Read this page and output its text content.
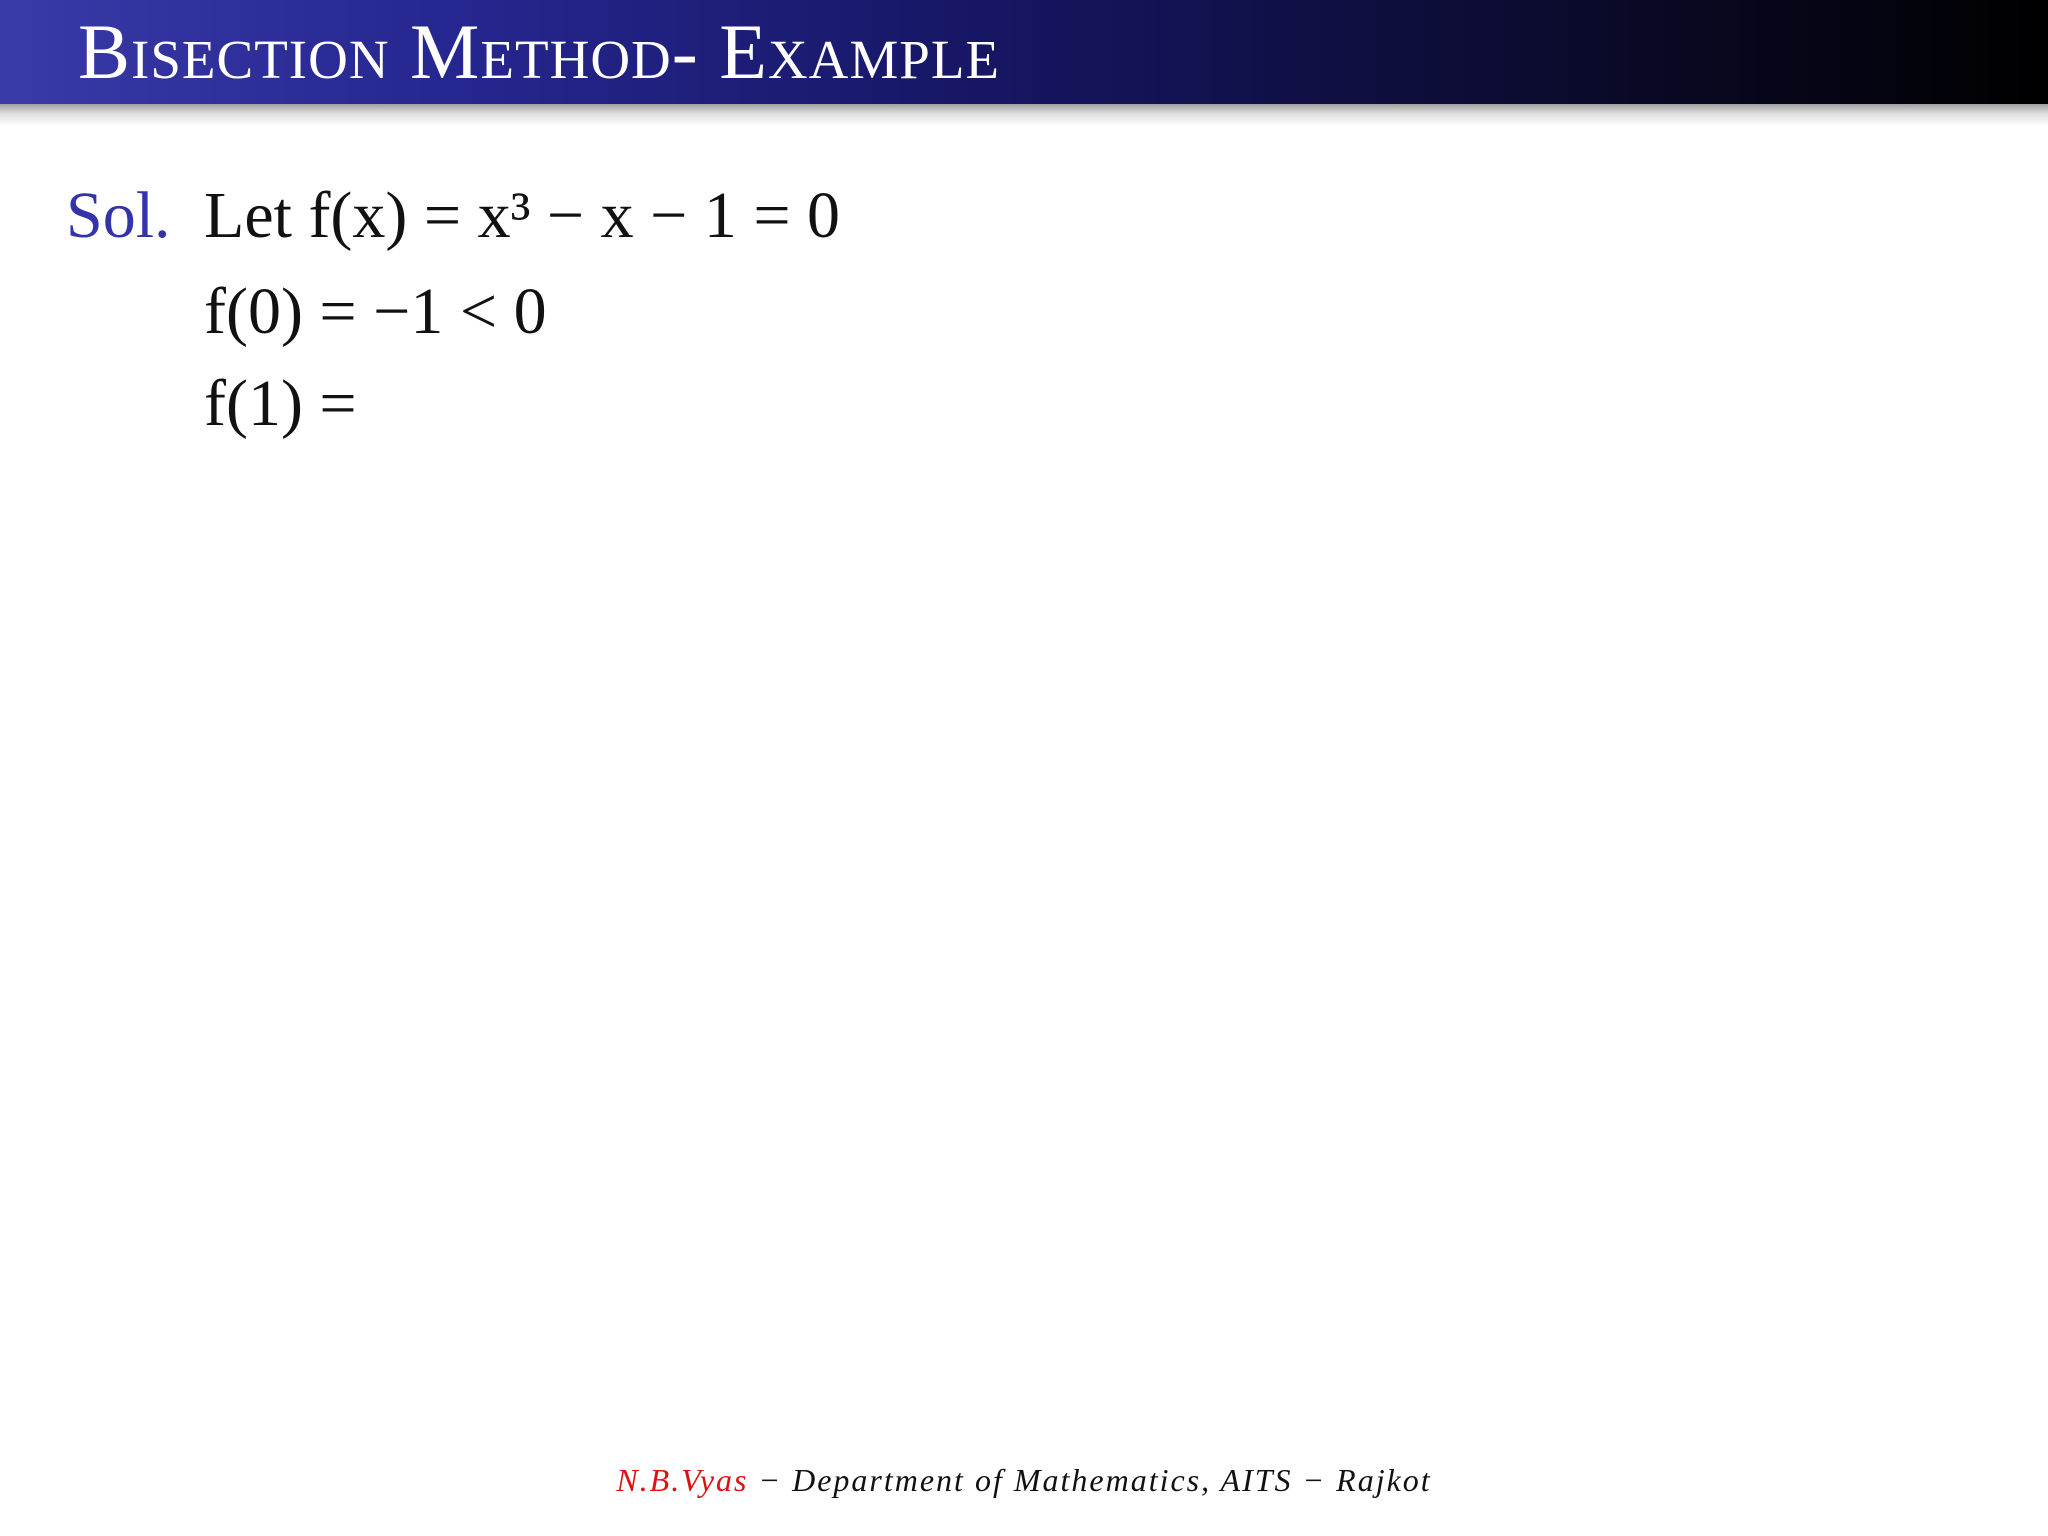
Bisection Method- Example
Sol. Let f(x) = x³ − x − 1 = 0
f(0) = −1 < 0
f(1) =
N.B.Vyas − Department of Mathematics, AITS − Rajkot
